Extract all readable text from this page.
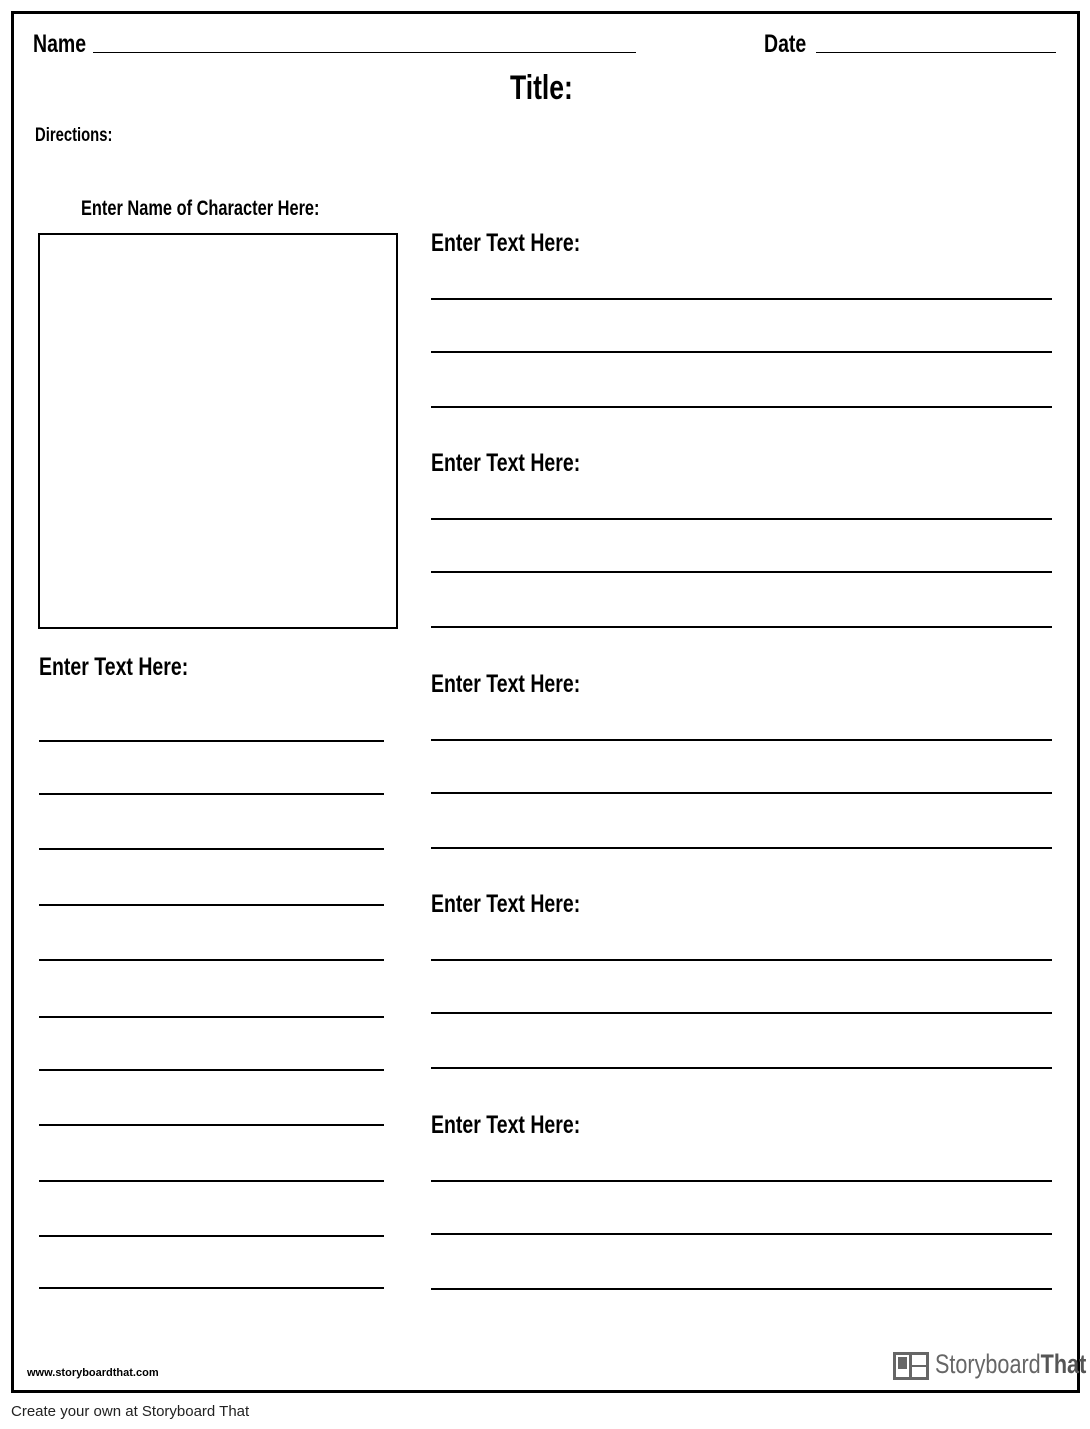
Name	Date
Title:
Directions:
Enter Name of Character Here:
Enter Text Here:
Enter Text Here:
Enter Text Here:
Enter Text Here:
Enter Text Here:
Enter Text Here:
www.storyboardthat.com	StoryboardThat
Create your own at Storyboard That
